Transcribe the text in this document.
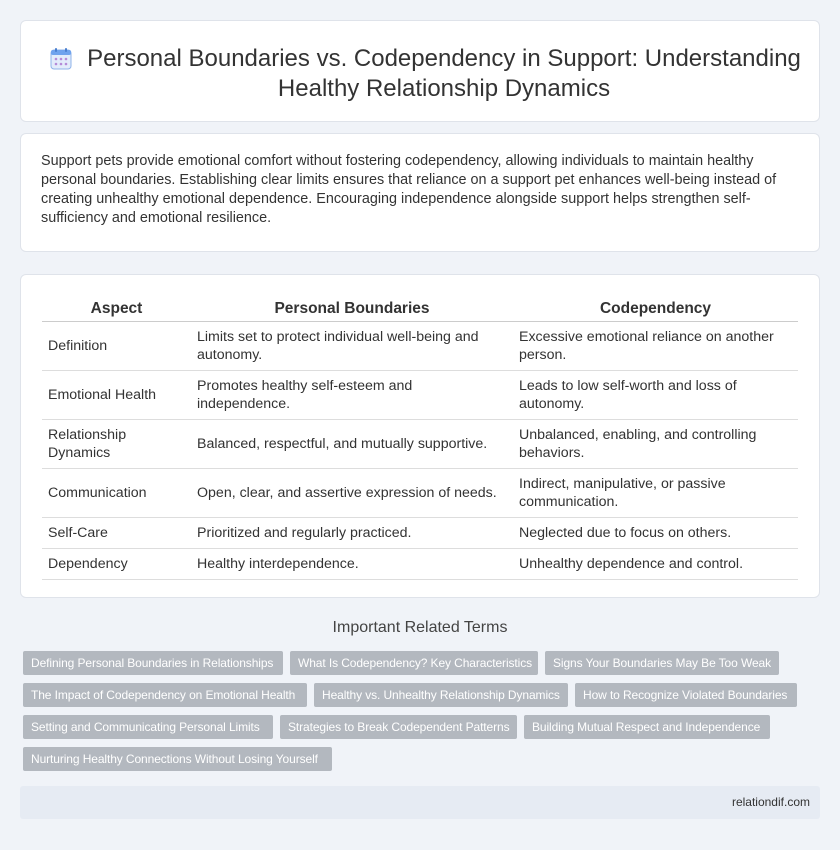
Personal Boundaries vs. Codependency in Support: Understanding Healthy Relationship Dynamics

Support pets provide emotional comfort without fostering codependency, allowing individuals to maintain healthy personal boundaries. Establishing clear limits ensures that reliance on a support pet enhances well-being instead of creating unhealthy emotional dependence. Encouraging independence alongside support helps strengthen self-sufficiency and emotional resilience.

Aspect	Personal Boundaries	Codependency
Definition	Limits set to protect individual well-being and autonomy.	Excessive emotional reliance on another person.
Emotional Health	Promotes healthy self-esteem and independence.	Leads to low self-worth and loss of autonomy.
Relationship Dynamics	Balanced, respectful, and mutually supportive.	Unbalanced, enabling, and controlling behaviors.
Communication	Open, clear, and assertive expression of needs.	Indirect, manipulative, or passive communication.
Self-Care	Prioritized and regularly practiced.	Neglected due to focus on others.
Dependency	Healthy interdependence.	Unhealthy dependence and control.
Important Related Terms
Defining Personal Boundaries in Relationships	What Is Codependency? Key Characteristics	Signs Your Boundaries May Be Too Weak
The Impact of Codependency on Emotional Health	Healthy vs. Unhealthy Relationship Dynamics	How to Recognize Violated Boundaries
Setting and Communicating Personal Limits	Strategies to Break Codependent Patterns	Building Mutual Respect and Independence
Nurturing Healthy Connections Without Losing Yourself
relationdif.com
